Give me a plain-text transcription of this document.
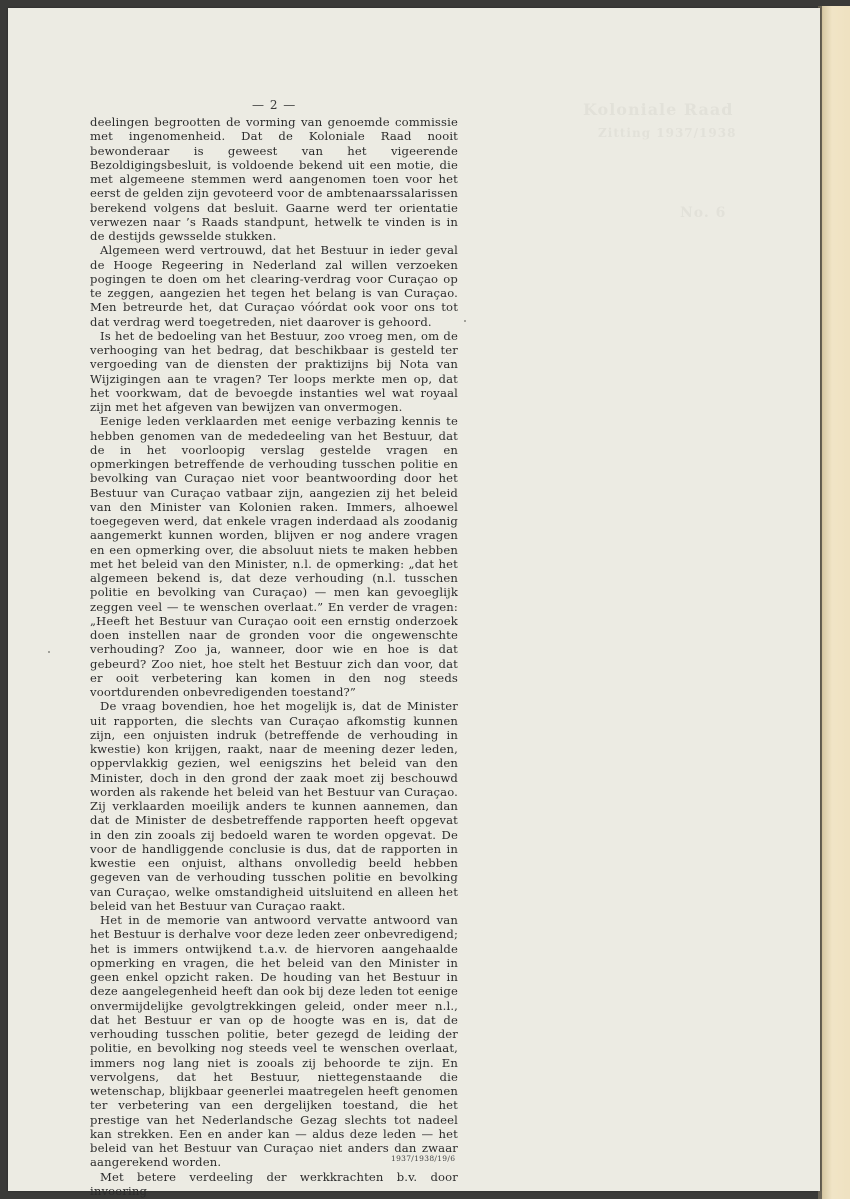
Koloniale Raad
Zitting 1937/1938
No. 6
— 2 —

deelingen begrootten de vorming van genoemde commissie met ingenomenheid. Dat de Koloniale Raad nooit bewonderaar is geweest van het vigeerende Bezoldigingsbesluit, is voldoende bekend uit een motie, die met algemeene stemmen werd aangenomen toen voor het eerst de gelden zijn gevoteerd voor de ambtenaarssalarissen berekend volgens dat besluit. Gaarne werd ter orientatie verwezen naar ’s Raads standpunt, hetwelk te vinden is in de destijds gewsselde stukken.

Algemeen werd vertrouwd, dat het Bestuur in ieder geval de Hooge Regeering in Nederland zal willen verzoeken pogingen te doen om het clearing-verdrag voor Curaçao op te zeggen, aangezien het tegen het belang is van Curaçao. Men betreurde het, dat Curaçao vóórdat ook voor ons tot dat verdrag werd toegetreden, niet daarover is gehoord.

Is het de bedoeling van het Bestuur, zoo vroeg men, om de verhooging van het bedrag, dat beschikbaar is gesteld ter vergoeding van de diensten der praktizijns bij Nota van Wijzigingen aan te vragen? Ter loops merkte men op, dat het voorkwam, dat de bevoegde instanties wel wat royaal zijn met het afgeven van bewijzen van onvermogen.

Eenige leden verklaarden met eenige verbazing kennis te hebben genomen van de mededeeling van het Bestuur, dat de in het voorloopig verslag gestelde vragen en opmerkingen betreffende de verhouding tusschen politie en bevolking van Curaçao niet voor beantwoording door het Bestuur van Curaçao vatbaar zijn, aangezien zij het beleid van den Minister van Kolonien raken. Immers, alhoewel toegegeven werd, dat enkele vragen inderdaad als zoodanig aangemerkt kunnen worden, blijven er nog andere vragen en een opmerking over, die absoluut niets te maken hebben met het beleid van den Minister, n.l. de opmerking: „dat het algemeen bekend is, dat deze verhouding (n.l. tusschen politie en bevolking van Curaçao) — men kan gevoeglijk zeggen veel — te wenschen overlaat.” En verder de vragen: „Heeft het Bestuur van Curaçao ooit een ernstig onderzoek doen instellen naar de gronden voor die ongewenschte verhouding? Zoo ja, wanneer, door wie en hoe is dat gebeurd? Zoo niet, hoe stelt het Bestuur zich dan voor, dat er ooit verbetering kan komen in den nog steeds voortdurenden onbevredigenden toestand?”

De vraag bovendien, hoe het mogelijk is, dat de Minister uit rapporten, die slechts van Curaçao afkomstig kunnen zijn, een onjuisten indruk (betreffende de verhouding in kwestie) kon krijgen, raakt, naar de meening dezer leden, oppervlakkig gezien, wel eenigszins het beleid van den Minister, doch in den grond der zaak moet zij beschouwd worden als rakende het beleid van het Bestuur van Curaçao. Zij verklaarden moeilijk anders te kunnen aannemen, dan dat de Minister de desbetreffende rapporten heeft opgevat in den zin zooals zij bedoeld waren te worden opgevat. De voor de handliggende conclusie is dus, dat de rapporten in kwestie een onjuist, althans onvolledig beeld hebben gegeven van de verhouding tusschen politie en bevolking van Curaçao, welke omstandigheid uitsluitend en alleen het beleid van het Bestuur van Curaçao raakt.

Het in de memorie van antwoord vervatte antwoord van het Bestuur is derhalve voor deze leden zeer onbevredigend; het is immers ontwijkend t.a.v. de hiervoren aangehaalde opmerking en vragen, die het beleid van den Minister in geen enkel opzicht raken. De houding van het Bestuur in deze aangelegenheid heeft dan ook bij deze leden tot eenige onvermijdelijke gevolgtrekkingen geleid, onder meer n.l., dat het Bestuur er van op de hoogte was en is, dat de verhouding tusschen politie, beter gezegd de leiding der politie, en bevolking nog steeds veel te wenschen overlaat, immers nog lang niet is zooals zij behoorde te zijn. En vervolgens, dat het Bestuur, niettegenstaande die wetenschap, blijkbaar geenerlei maatregelen heeft genomen ter verbetering van een dergelijken toestand, die het prestige van het Nederlandsche Gezag slechts tot nadeel kan strekken. Een en ander kan — aldus deze leden — het beleid van het Bestuur van Curaçao niet anders dan zwaar aangerekend worden.

Met betere verdeeling der werkkrachten b.v. door invoering

1937/1938/19/6
